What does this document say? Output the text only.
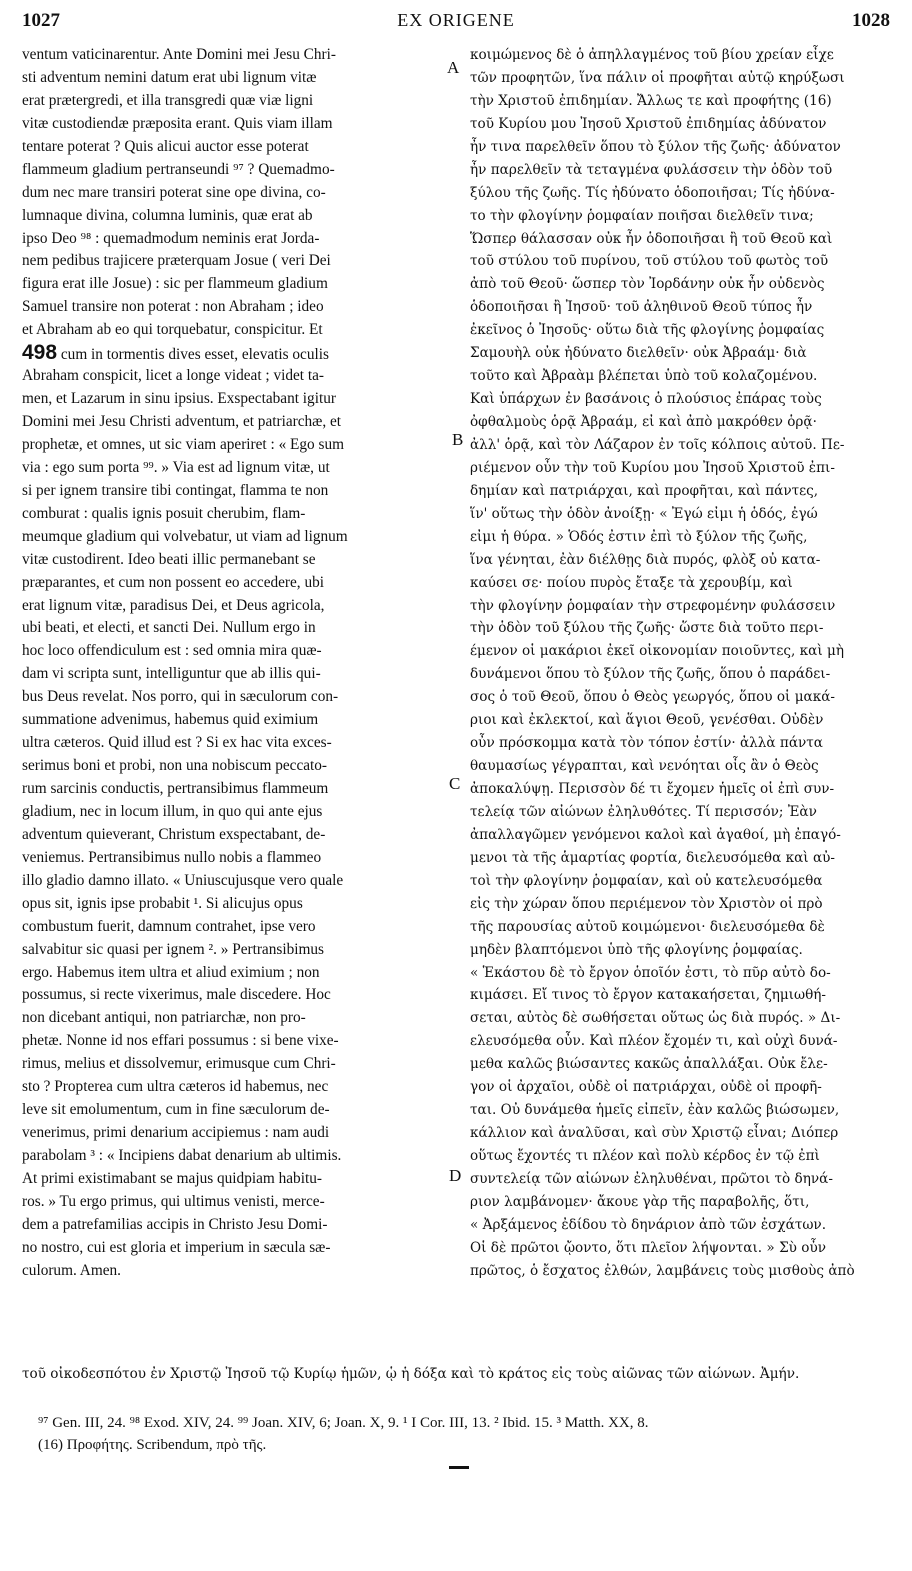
1027	EX ORIGENE	1028
ventum vaticinarentur. Ante Domini mei Jesu Chri-
sti adventum nemini datum erat ubi lignum vitæ
erat prætergredi, et illa transgredi quæ viæ ligni
vitæ custodiendæ præposita erant. Quis viam illam
tentare poterat ? Quis alicui auctor esse poterat
flammeum gladium pertranseundi ⁹⁷ ? Quemadmo-
dum nec mare transiri poterat sine ope divina, co-
lumnaque divina, columna luminis, quæ erat ab
ipso Deo ⁹⁸ : quemadmodum neminis erat Jorda-
nem pedibus trajicere præterquam Josue ( veri Dei
figura erat ille Josue) : sic per flammeum gladium
Samuel transire non poterat : non Abraham ; ideo
et Abraham ab eo qui torquebatur, conspicitur. Et
498 cum in tormentis dives esset, elevatis oculis
Abraham conspicit, licet a longe videat ; videt ta-
men, et Lazarum in sinu ipsius. Exspectabant igitur
Domini mei Jesu Christi adventum, et patriarchæ, et
prophetæ, et omnes, ut sic viam aperiret : « Ego sum
via : ego sum porta ⁹⁹. » Via est ad lignum vitæ, ut
si per ignem transire tibi contingat, flamma te non
comburat : qualis ignis posuit cherubim, flam-
meumque gladium qui volvebatur, ut viam ad lignum
vitæ custodirent. Ideo beati illic permanebant se
præparantes, et cum non possent eo accedere, ubi
erat lignum vitæ, paradisus Dei, et Deus agricola,
ubi beati, et electi, et sancti Dei. Nullum ergo in
hoc loco offendiculum est : sed omnia mira quæ-
dam vi scripta sunt, intelliguntur que ab illis qui-
bus Deus revelat. Nos porro, qui in sæculorum con-
summatione advenimus, habemus quid eximium
ultra cæteros. Quid illud est ? Si ex hac vita exces-
serimus boni et probi, non una nobiscum peccato-
rum sarcinis conductis, pertransibimus flammeum
gladium, nec in locum illum, in quo qui ante ejus
adventum quieverant, Christum exspectabant, de-
veniemus. Pertransibimus nullo nobis a flammeo
illo gladio damno illato. « Uniuscujusque vero quale
opus sit, ignis ipse probabit ¹. Si alicujus opus
combustum fuerit, damnum contrahet, ipse vero
salvabitur sic quasi per ignem ². » Pertransibimus
ergo. Habemus item ultra et aliud eximium ; non
possumus, si recte vixerimus, male discedere. Hoc
non dicebant antiqui, non patriarchæ, non pro-
phetæ. Nonne id nos effari possumus : si bene vixe-
rimus, melius et dissolvemur, erimusque cum Chri-
sto ? Propterea cum ultra cæteros id habemus, nec
leve sit emolumentum, cum in fine sæculorum de-
venerimus, primi denarium accipiemus : nam audi
parabolam ³ : « Incipiens dabat denarium ab ultimis.
At primi existimabant se majus quidpiam habitu-
ros. » Tu ergo primus, qui ultimus venisti, merce-
dem a patrefamilias accipis in Christo Jesu Domi-
no nostro, cui est gloria et imperium in sæcula sæ-
culorum. Amen.
κοιμώμενος δὲ ὁ ἀπηλλαγμένος τοῦ βίου χρείαν εἶχε
τῶν προφητῶν, ἵνα πάλιν οἱ προφῆται αὐτῷ κηρύξωσι
τὴν Χριστοῦ ἐπιδημίαν. Ἄλλως τε καὶ προφήτης (16)
τοῦ Κυρίου μου Ἰησοῦ Χριστοῦ ἐπιδημίας ἀδύνατον
ἦν τινα παρελθεῖν ὅπου τὸ ξύλον τῆς ζωῆς· ἀδύνατον
ἦν παρελθεῖν τὰ τεταγμένα φυλάσσειν τὴν ὁδὸν τοῦ
ξύλου τῆς ζωῆς. Τίς ἠδύνατο ὁδοποιῆσαι; Τίς ἠδύνα-
το τὴν φλογίνην ῥομφαίαν ποιῆσαι διελθεῖν τινα;
Ὥσπερ θάλασσαν οὐκ ἦν ὁδοποιῆσαι ἢ τοῦ Θεοῦ καὶ
τοῦ στύλου τοῦ πυρίνου, τοῦ στύλου τοῦ φωτὸς τοῦ
ἀπὸ τοῦ Θεοῦ· ὥσπερ τὸν Ἰορδάνην οὐκ ἦν οὐδενὸς
ὁδοποιῆσαι ἢ Ἰησοῦ· τοῦ ἀληθινοῦ Θεοῦ τύπος ἦν
ἐκεῖνος ὁ Ἰησοῦς· οὕτω διὰ τῆς φλογίνης ῥομφαίας
Σαμουὴλ οὐκ ἠδύνατο διελθεῖν· οὐκ Ἀβραάμ· διὰ
τοῦτο καὶ Ἀβραὰμ βλέπεται ὑπὸ τοῦ κολαζομένου.
Καὶ ὑπάρχων ἐν βασάνοις ὁ πλούσιος ἐπάρας τοὺς
ὀφθαλμοὺς ὁρᾷ Ἀβραάμ, εἰ καὶ ἀπὸ μακρόθεν ὁρᾷ·
ἀλλ' ὁρᾷ, καὶ τὸν Λάζαρον ἐν τοῖς κόλποις αὐτοῦ. Πε-
ριέμενον οὖν τὴν τοῦ Κυρίου μου Ἰησοῦ Χριστοῦ ἐπι-
δημίαν καὶ πατριάρχαι, καὶ προφῆται, καὶ πάντες,
ἵν' οὕτως τὴν ὁδὸν ἀνοίξῃ· « Ἐγώ εἰμι ἡ ὁδός, ἐγώ
εἰμι ἡ θύρα. » Ὁδός ἐστιν ἐπὶ τὸ ξύλον τῆς ζωῆς,
ἵνα γένηται, ἐὰν διέλθῃς διὰ πυρός, φλὸξ οὐ κατα-
καύσει σε· ποίου πυρὸς ἔταξε τὰ χερουβίμ, καὶ
τὴν φλογίνην ῥομφαίαν τὴν στρεφομένην φυλάσσειν
τὴν ὁδὸν τοῦ ξύλου τῆς ζωῆς· ὥστε διὰ τοῦτο περι-
έμενον οἱ μακάριοι ἐκεῖ οἰκονομίαν ποιοῦντες, καὶ μὴ
δυνάμενοι ὅπου τὸ ξύλον τῆς ζωῆς, ὅπου ὁ παράδει-
σος ὁ τοῦ Θεοῦ, ὅπου ὁ Θεὸς γεωργός, ὅπου οἱ μακά-
ριοι καὶ ἐκλεκτοί, καὶ ἅγιοι Θεοῦ, γενέσθαι. Οὐδὲν
οὖν πρόσκομμα κατὰ τὸν τόπον ἐστίν· ἀλλὰ πάντα
θαυμασίως γέγραπται, καὶ νενόηται οἷς ἂν ὁ Θεὸς
ἀποκαλύψῃ. Περισσὸν δέ τι ἔχομεν ἡμεῖς οἱ ἐπὶ συν-
τελείᾳ τῶν αἰώνων ἐληλυθότες. Τί περισσόν; Ἐὰν
ἀπαλλαγῶμεν γενόμενοι καλοὶ καὶ ἀγαθοί, μὴ ἐπαγό-
μενοι τὰ τῆς ἁμαρτίας φορτία, διελευσόμεθα καὶ αὐ-
τοὶ τὴν φλογίνην ῥομφαίαν, καὶ οὐ κατελευσόμεθα
εἰς τὴν χώραν ὅπου περιέμενον τὸν Χριστὸν οἱ πρὸ
τῆς παρουσίας αὐτοῦ κοιμώμενοι· διελευσόμεθα δὲ
μηδὲν βλαπτόμενοι ὑπὸ τῆς φλογίνης ῥομφαίας.
« Ἑκάστου δὲ τὸ ἔργον ὁποῖόν ἐστι, τὸ πῦρ αὐτὸ δο-
κιμάσει. Εἴ τινος τὸ ἔργον κατακαήσεται, ζημιωθή-
σεται, αὐτὸς δὲ σωθήσεται οὕτως ὡς διὰ πυρός. » Δι-
ελευσόμεθα οὖν. Καὶ πλέον ἔχομέν τι, καὶ οὐχὶ δυνά-
μεθα καλῶς βιώσαντες κακῶς ἀπαλλάξαι. Οὐκ ἔλε-
γον οἱ ἀρχαῖοι, οὐδὲ οἱ πατριάρχαι, οὐδὲ οἱ προφῆ-
ται. Οὐ δυνάμεθα ἡμεῖς εἰπεῖν, ἐὰν καλῶς βιώσωμεν,
κάλλιον καὶ ἀναλῦσαι, καὶ σὺν Χριστῷ εἶναι; Διόπερ
οὕτως ἔχοντές τι πλέον καὶ πολὺ κέρδος ἐν τῷ ἐπὶ
συντελείᾳ τῶν αἰώνων ἐληλυθέναι, πρῶτοι τὸ δηνά-
ριον λαμβάνομεν· ἄκουε γὰρ τῆς παραβολῆς, ὅτι,
« Ἀρξάμενος ἐδίδου τὸ δηνάριον ἀπὸ τῶν ἐσχάτων.
Οἱ δὲ πρῶτοι ᾤοντο, ὅτι πλεῖον λήψονται. » Σὺ οὖν
πρῶτος, ὁ ἔσχατος ἐλθών, λαμβάνεις τοὺς μισθοὺς ἀπὸ
A
B
C
D
τοῦ οἰκοδεσπότου ἐν Χριστῷ Ἰησοῦ τῷ Κυρίῳ ἡμῶν, ᾧ ἡ δόξα καὶ τὸ κράτος εἰς τοὺς αἰῶνας τῶν αἰώνων. Ἀμήν.
⁹⁷ Gen. III, 24. ⁹⁸ Exod. XIV, 24. ⁹⁹ Joan. XIV, 6; Joan. X, 9. ¹ I Cor. III, 13. ² Ibid. 15. ³ Matth. XX, 8.
(16) Προφήτης. Scribendum, πρὸ τῆς.
